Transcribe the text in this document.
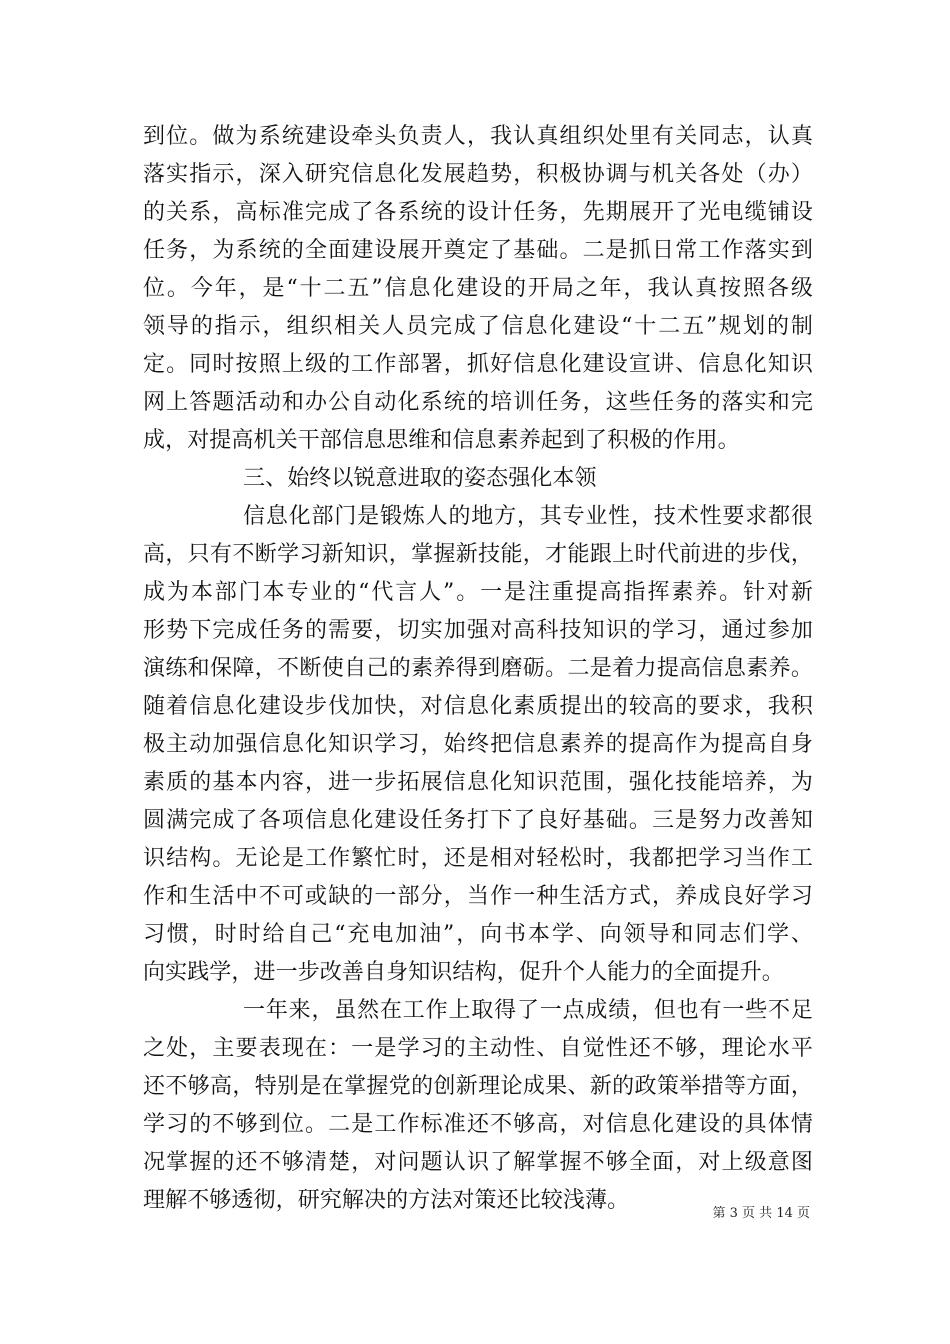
到位。做为系统建设牵头负责人，我认真组织处里有关同志，认真
落实指示，深入研究信息化发展趋势，积极协调与机关各处（办）
的关系，高标准完成了各系统的设计任务，先期展开了光电缆铺设
任务，为系统的全面建设展开奠定了基础。二是抓日常工作落实到
位。今年，是“十二五”信息化建设的开局之年，我认真按照各级
领导的指示，组织相关人员完成了信息化建设“十二五”规划的制
定。同时按照上级的工作部署，抓好信息化建设宣讲、信息化知识
网上答题活动和办公自动化系统的培训任务，这些任务的落实和完
成，对提高机关干部信息思维和信息素养起到了积极的作用。
三、始终以锐意进取的姿态强化本领
信息化部门是锻炼人的地方，其专业性，技术性要求都很
高，只有不断学习新知识，掌握新技能，才能跟上时代前进的步伐，
成为本部门本专业的“代言人”。一是注重提高指挥素养。针对新
形势下完成任务的需要，切实加强对高科技知识的学习，通过参加
演练和保障，不断使自己的素养得到磨砺。二是着力提高信息素养。
随着信息化建设步伐加快，对信息化素质提出的较高的要求，我积
极主动加强信息化知识学习，始终把信息素养的提高作为提高自身
素质的基本内容，进一步拓展信息化知识范围，强化技能培养，为
圆满完成了各项信息化建设任务打下了良好基础。三是努力改善知
识结构。无论是工作繁忙时，还是相对轻松时，我都把学习当作工
作和生活中不可或缺的一部分，当作一种生活方式，养成良好学习
习惯，时时给自己“充电加油”，向书本学、向领导和同志们学、
向实践学，进一步改善自身知识结构，促升个人能力的全面提升。
一年来，虽然在工作上取得了一点成绩，但也有一些不足
之处，主要表现在：一是学习的主动性、自觉性还不够，理论水平
还不够高，特别是在掌握党的创新理论成果、新的政策举措等方面，
学习的不够到位。二是工作标准还不够高，对信息化建设的具体情
况掌握的还不够清楚，对问题认识了解掌握不够全面，对上级意图
理解不够透彻，研究解决的方法对策还比较浅薄。
第 3 页 共 14 页
